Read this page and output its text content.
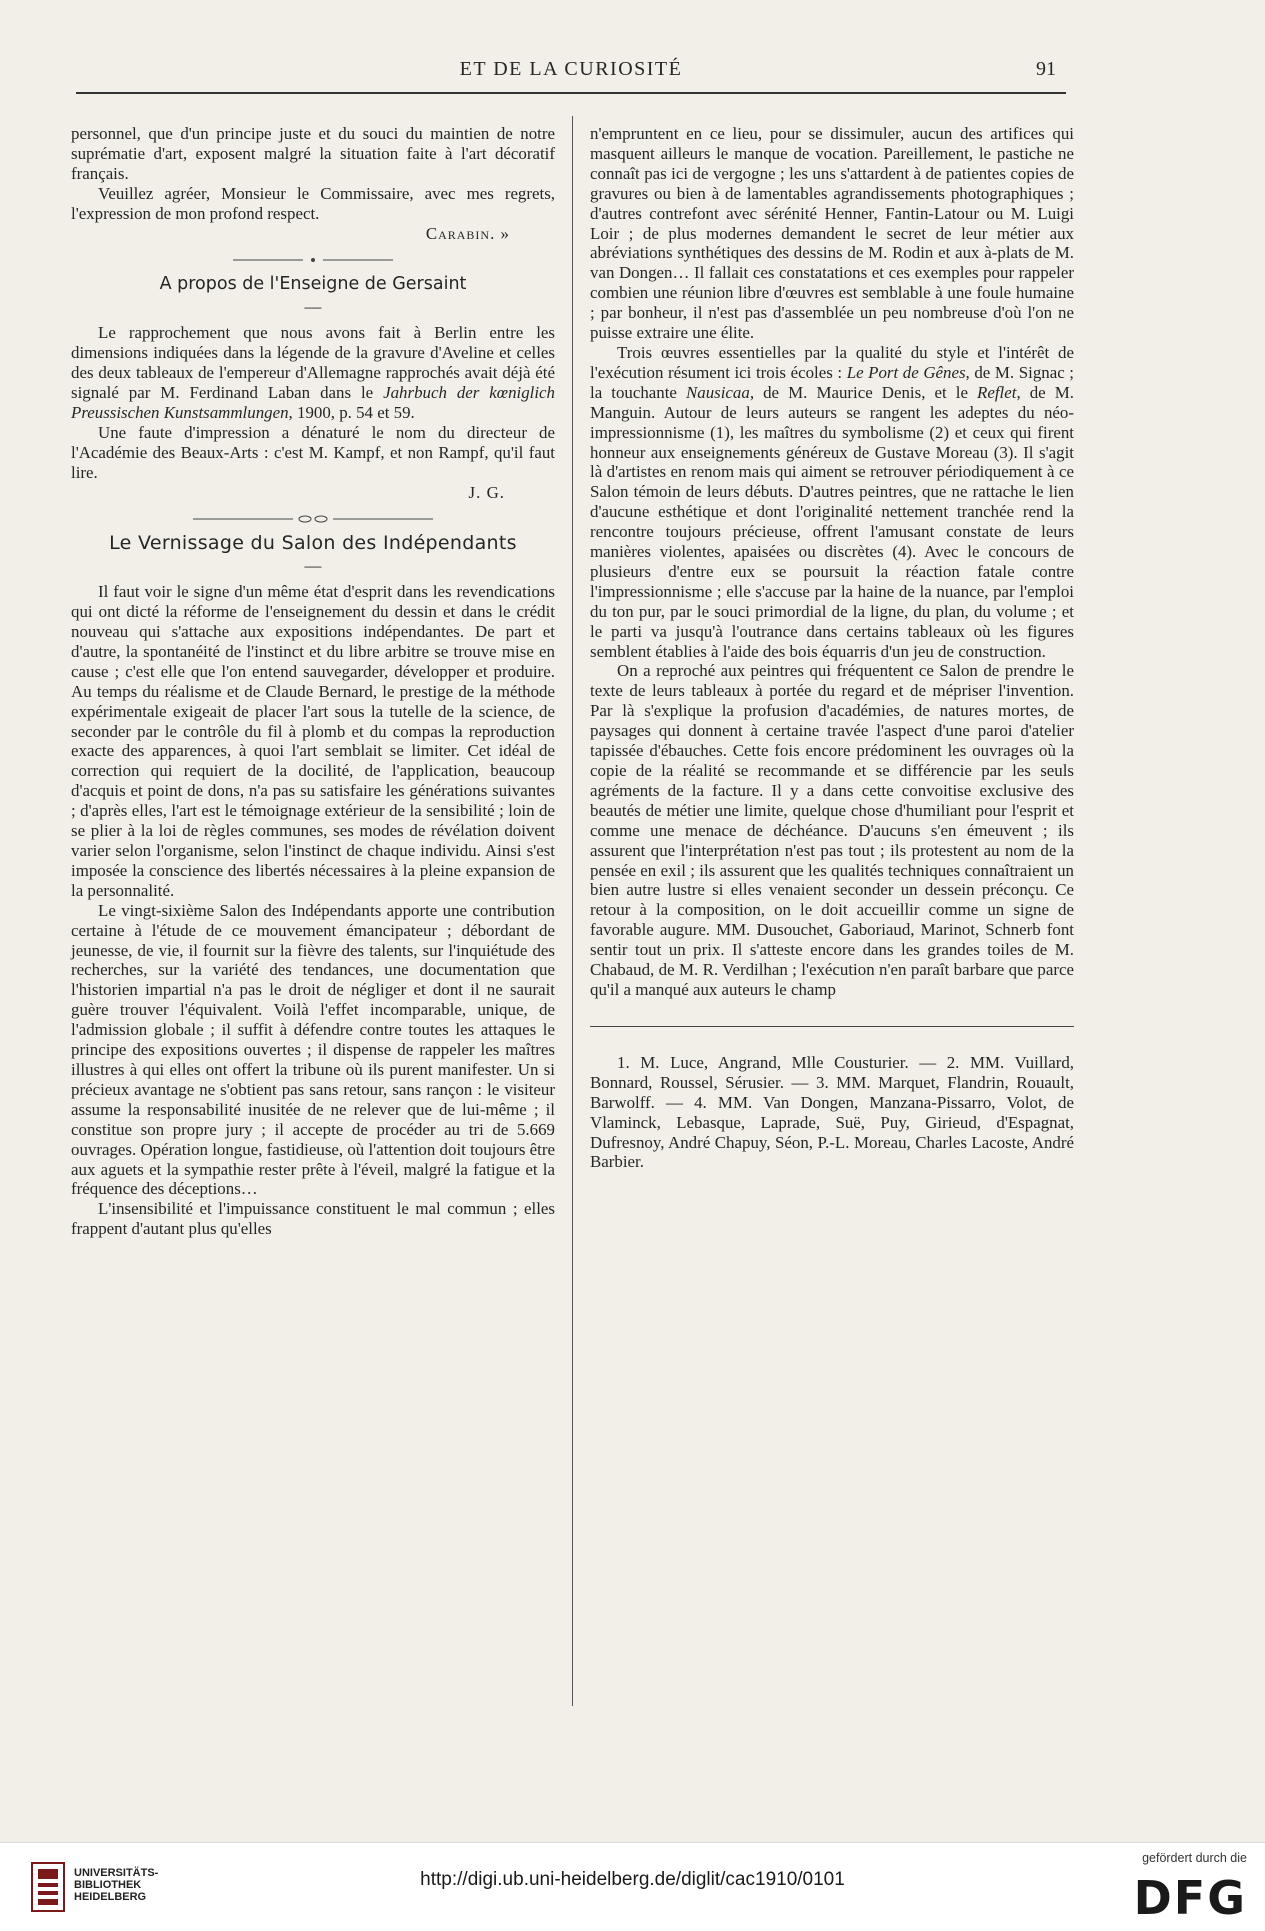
ET DE LA CURIOSITÉ	91

personnel, que d'un principe juste et du souci du maintien de notre suprématie d'art, exposent malgré la situation faite à l'art décoratif français.

Veuillez agréer, Monsieur le Commissaire, avec mes regrets, l'expression de mon profond respect.

Carabin. »
A propos de l'Enseigne de Gersaint
—

Le rapprochement que nous avons fait à Berlin entre les dimensions indiquées dans la légende de la gravure d'Aveline et celles des deux tableaux de l'empereur d'Allemagne rapprochés avait déjà été signalé par M. Ferdinand Laban dans le Jahrbuch der kœniglich Preussischen Kunstsammlungen, 1900, p. 54 et 59.

Une faute d'impression a dénaturé le nom du directeur de l'Académie des Beaux-Arts : c'est M. Kampf, et non Rampf, qu'il faut lire.

J. G.
Le Vernissage du Salon des Indépendants
—

Il faut voir le signe d'un même état d'esprit dans les revendications qui ont dicté la réforme de l'enseignement du dessin et dans le crédit nouveau qui s'attache aux expositions indépendantes. De part et d'autre, la spontanéité de l'instinct et du libre arbitre se trouve mise en cause ; c'est elle que l'on entend sauvegarder, développer et produire. Au temps du réalisme et de Claude Bernard, le prestige de la méthode expérimentale exigeait de placer l'art sous la tutelle de la science, de seconder par le contrôle du fil à plomb et du compas la reproduction exacte des apparences, à quoi l'art semblait se limiter. Cet idéal de correction qui requiert de la docilité, de l'application, beaucoup d'acquis et point de dons, n'a pas su satisfaire les générations suivantes ; d'après elles, l'art est le témoignage extérieur de la sensibilité ; loin de se plier à la loi de règles communes, ses modes de révélation doivent varier selon l'organisme, selon l'instinct de chaque individu. Ainsi s'est imposée la conscience des libertés nécessaires à la pleine expansion de la personnalité.

Le vingt-sixième Salon des Indépendants apporte une contribution certaine à l'étude de ce mouvement émancipateur ; débordant de jeunesse, de vie, il fournit sur la fièvre des talents, sur l'inquiétude des recherches, sur la variété des tendances, une documentation que l'historien impartial n'a pas le droit de négliger et dont il ne saurait guère trouver l'équivalent. Voilà l'effet incomparable, unique, de l'admission globale ; il suffit à défendre contre toutes les attaques le principe des expositions ouvertes ; il dispense de rappeler les maîtres illustres à qui elles ont offert la tribune où ils purent manifester. Un si précieux avantage ne s'obtient pas sans retour, sans rançon : le visiteur assume la responsabilité inusitée de ne relever que de lui-même ; il constitue son propre jury ; il accepte de procéder au tri de 5.669 ouvrages. Opération longue, fastidieuse, où l'attention doit toujours être aux aguets et la sympathie rester prête à l'éveil, malgré la fatigue et la fréquence des déceptions…

L'insensibilité et l'impuissance constituent le mal commun ; elles frappent d'autant plus qu'elles

n'empruntent en ce lieu, pour se dissimuler, aucun des artifices qui masquent ailleurs le manque de vocation. Pareillement, le pastiche ne connaît pas ici de vergogne ; les uns s'attardent à de patientes copies de gravures ou bien à de lamentables agrandissements photographiques ; d'autres contrefont avec sérénité Henner, Fantin-Latour ou M. Luigi Loir ; de plus modernes demandent le secret de leur métier aux abréviations synthétiques des dessins de M. Rodin et aux à-plats de M. van Dongen… Il fallait ces constatations et ces exemples pour rappeler combien une réunion libre d'œuvres est semblable à une foule humaine ; par bonheur, il n'est pas d'assemblée un peu nombreuse d'où l'on ne puisse extraire une élite.

Trois œuvres essentielles par la qualité du style et l'intérêt de l'exécution résument ici trois écoles : Le Port de Gênes, de M. Signac ; la touchante Nausicaa, de M. Maurice Denis, et le Reflet, de M. Manguin. Autour de leurs auteurs se rangent les adeptes du néo-impressionnisme (1), les maîtres du symbolisme (2) et ceux qui firent honneur aux enseignements généreux de Gustave Moreau (3). Il s'agit là d'artistes en renom mais qui aiment se retrouver périodiquement à ce Salon témoin de leurs débuts. D'autres peintres, que ne rattache le lien d'aucune esthétique et dont l'originalité nettement tranchée rend la rencontre toujours précieuse, offrent l'amusant constate de leurs manières violentes, apaisées ou discrètes (4). Avec le concours de plusieurs d'entre eux se poursuit la réaction fatale contre l'impressionnisme ; elle s'accuse par la haine de la nuance, par l'emploi du ton pur, par le souci primordial de la ligne, du plan, du volume ; et le parti va jusqu'à l'outrance dans certains tableaux où les figures semblent établies à l'aide des bois équarris d'un jeu de construction.

On a reproché aux peintres qui fréquentent ce Salon de prendre le texte de leurs tableaux à portée du regard et de mépriser l'invention. Par là s'explique la profusion d'académies, de natures mortes, de paysages qui donnent à certaine travée l'aspect d'une paroi d'atelier tapissée d'ébauches. Cette fois encore prédominent les ouvrages où la copie de la réalité se recommande et se différencie par les seuls agréments de la facture. Il y a dans cette convoitise exclusive des beautés de métier une limite, quelque chose d'humiliant pour l'esprit et comme une menace de déchéance. D'aucuns s'en émeuvent ; ils assurent que l'interprétation n'est pas tout ; ils protestent au nom de la pensée en exil ; ils assurent que les qualités techniques connaîtraient un bien autre lustre si elles venaient seconder un dessein préconçu. Ce retour à la composition, on le doit accueillir comme un signe de favorable augure. MM. Dusouchet, Gaboriaud, Marinot, Schnerb font sentir tout un prix. Il s'atteste encore dans les grandes toiles de M. Chabaud, de M. R. Verdilhan ; l'exécution n'en paraît barbare que parce qu'il a manqué aux auteurs le champ

1. M. Luce, Angrand, Mlle Cousturier. — 2. MM. Vuillard, Bonnard, Roussel, Sérusier. — 3. MM. Marquet, Flandrin, Rouault, Barwolff. — 4. MM. Van Dongen, Manzana-Pissarro, Volot, de Vlaminck, Lebasque, Laprade, Suë, Puy, Girieud, d'Espagnat, Dufresnoy, André Chapuy, Séon, P.-L. Moreau, Charles Lacoste, André Barbier.

UNIVERSITÄTS-
BIBLIOTHEK
HEIDELBERG
http://digi.ub.uni-heidelberg.de/diglit/cac1910/0101
gefördert durch die
DFG
